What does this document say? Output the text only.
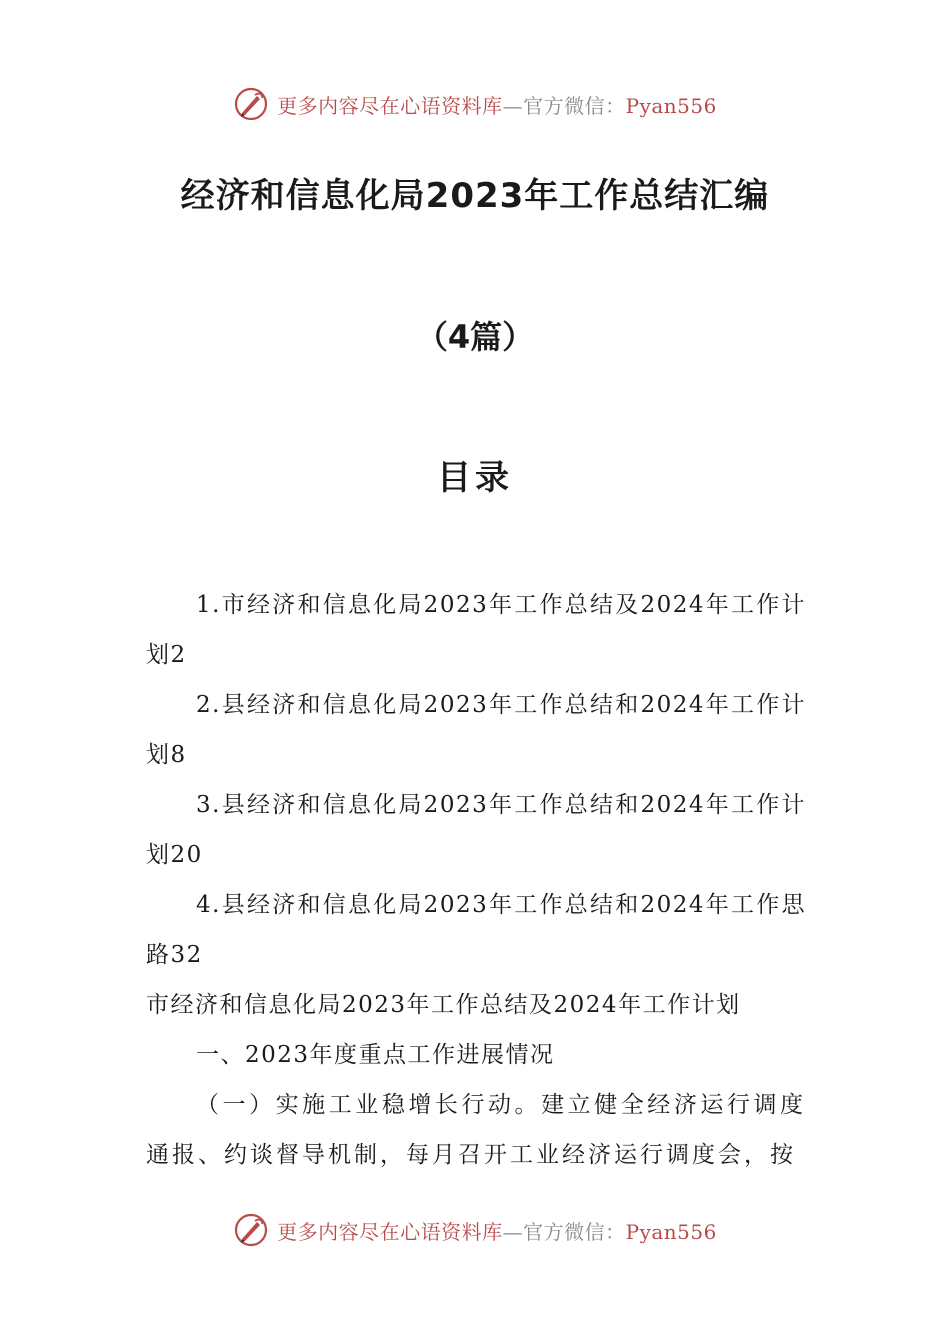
更多内容尽在心语资料库—官方微信：Pyan556
经济和信息化局2023年工作总结汇编
（4篇）
目录

1.市经济和信息化局2023年工作总结及2024年工作计划2

2.县经济和信息化局2023年工作总结和2024年工作计划8

3.县经济和信息化局2023年工作总结和2024年工作计划20

4.县经济和信息化局2023年工作总结和2024年工作思路32

市经济和信息化局2023年工作总结及2024年工作计划

一、2023年度重点工作进展情况

（一）实施工业稳增长行动。建立健全经济运行调度通报、约谈督导机制，每月召开工业经济运行调度会，按

更多内容尽在心语资料库—官方微信：Pyan556
